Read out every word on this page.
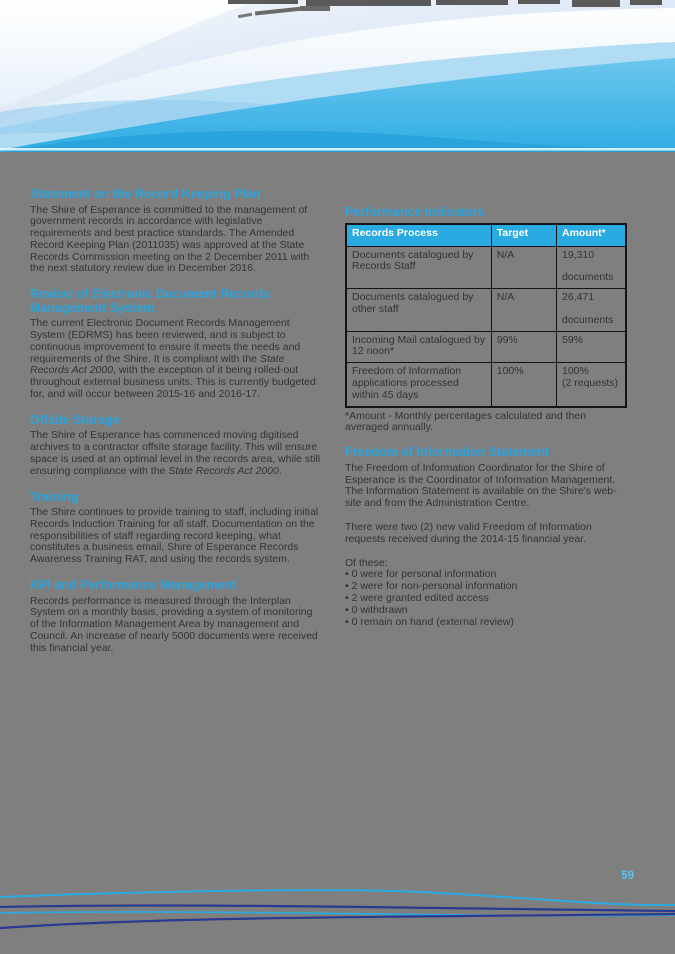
Statement on the Record Keeping Plan

The Shire of Esperance is committed to the management of government records in accordance with legislative requirements and best practice standards. The Amended Record Keeping Plan (2011035) was approved at the State Records Commission meeting on the 2 December 2011 with the next statutory review due in December 2016.

Review of Electronic Document Records Management System

The current Electronic Document Records Management System (EDRMS) has been reviewed, and is subject to continuous improvement to ensure it meets the needs and requirements of the Shire. It is compliant with the State Records Act 2000, with the exception of it being rolled-out throughout external business units. This is currently budgeted for, and will occur between 2015-16 and 2016-17.

Offsite Storage

The Shire of Esperance has commenced moving digitised archives to a contractor offsite storage facility. This will ensure space is used at an optimal level in the records area, while still ensuring compliance with the State Records Act 2000.

Training

The Shire continues to provide training to staff, including initial Records Induction Training for all staff. Documentation on the responsibilities of staff regarding record keeping, what constitutes a business email, Shire of Esperance Records Awareness Training RAT, and using the records system.

KPI and Performance Management

Records performance is measured through the Interplan System on a monthly basis, providing a system of monitoring of the Information Management Area by management and Council. An increase of nearly 5000 documents were received this financial year.

Performance Indicators
Records Process	Target	Amount*
Documents catalogued by Records Staff	N/A	19,310
documents

Documents catalogued by other staff	N/A	26,471
documents

Incoming Mail catalogued by 12 noon*	99%	59%
Freedom of Information applications processed within 45 days	100%	100%
(2 requests)

*Amount - Monthly percentages calculated and then averaged annually.

Freedom of Information Statement

The Freedom of Information Coordinator for the Shire of Esperance is the Coordinator of Information Management. The Information Statement is available on the Shire's web-site and from the Administration Centre.

There were two (2) new valid Freedom of Information requests received during the 2014-15 financial year.

Of these:

• 0 were for personal information
• 2 were for non-personal information
• 2 were granted edited access
• 0 withdrawn
• 0 remain on hand (external review)
59
